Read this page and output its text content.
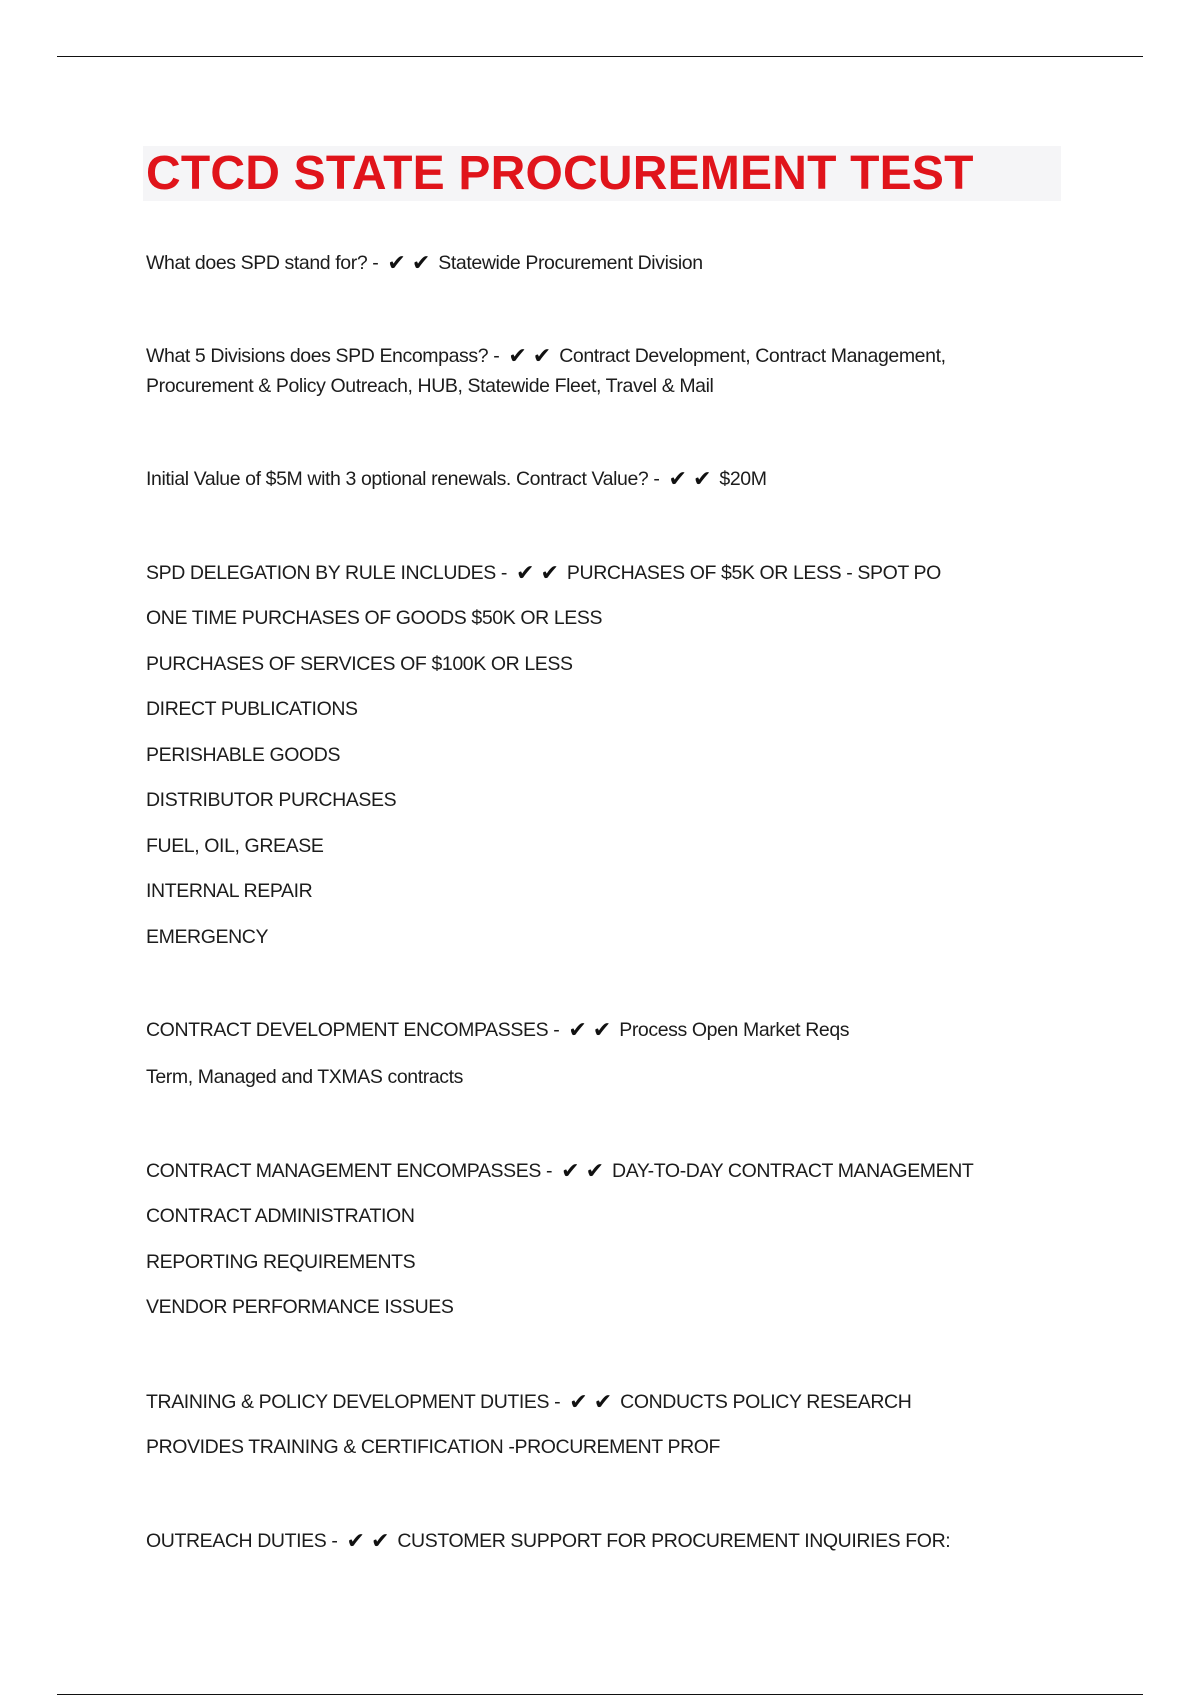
CTCD STATE PROCUREMENT TEST

What does SPD stand for? - ✔✔ Statewide Procurement Division

What 5 Divisions does SPD Encompass? - ✔✔ Contract Development, Contract Management,

Procurement & Policy Outreach, HUB, Statewide Fleet, Travel & Mail

Initial Value of $5M with 3 optional renewals. Contract Value? - ✔✔ $20M

SPD DELEGATION BY RULE INCLUDES - ✔✔ PURCHASES OF $5K OR LESS - SPOT PO

ONE TIME PURCHASES OF GOODS $50K OR LESS

PURCHASES OF SERVICES OF $100K OR LESS

DIRECT PUBLICATIONS

PERISHABLE GOODS

DISTRIBUTOR PURCHASES

FUEL, OIL, GREASE

INTERNAL REPAIR

EMERGENCY

CONTRACT DEVELOPMENT ENCOMPASSES - ✔✔ Process Open Market Reqs

Term, Managed and TXMAS contracts

CONTRACT MANAGEMENT ENCOMPASSES - ✔✔ DAY-TO-DAY CONTRACT MANAGEMENT

CONTRACT ADMINISTRATION

REPORTING REQUIREMENTS

VENDOR PERFORMANCE ISSUES

TRAINING & POLICY DEVELOPMENT DUTIES - ✔✔ CONDUCTS POLICY RESEARCH

PROVIDES TRAINING & CERTIFICATION -PROCUREMENT PROF

OUTREACH DUTIES - ✔✔ CUSTOMER SUPPORT FOR PROCUREMENT INQUIRIES FOR:
